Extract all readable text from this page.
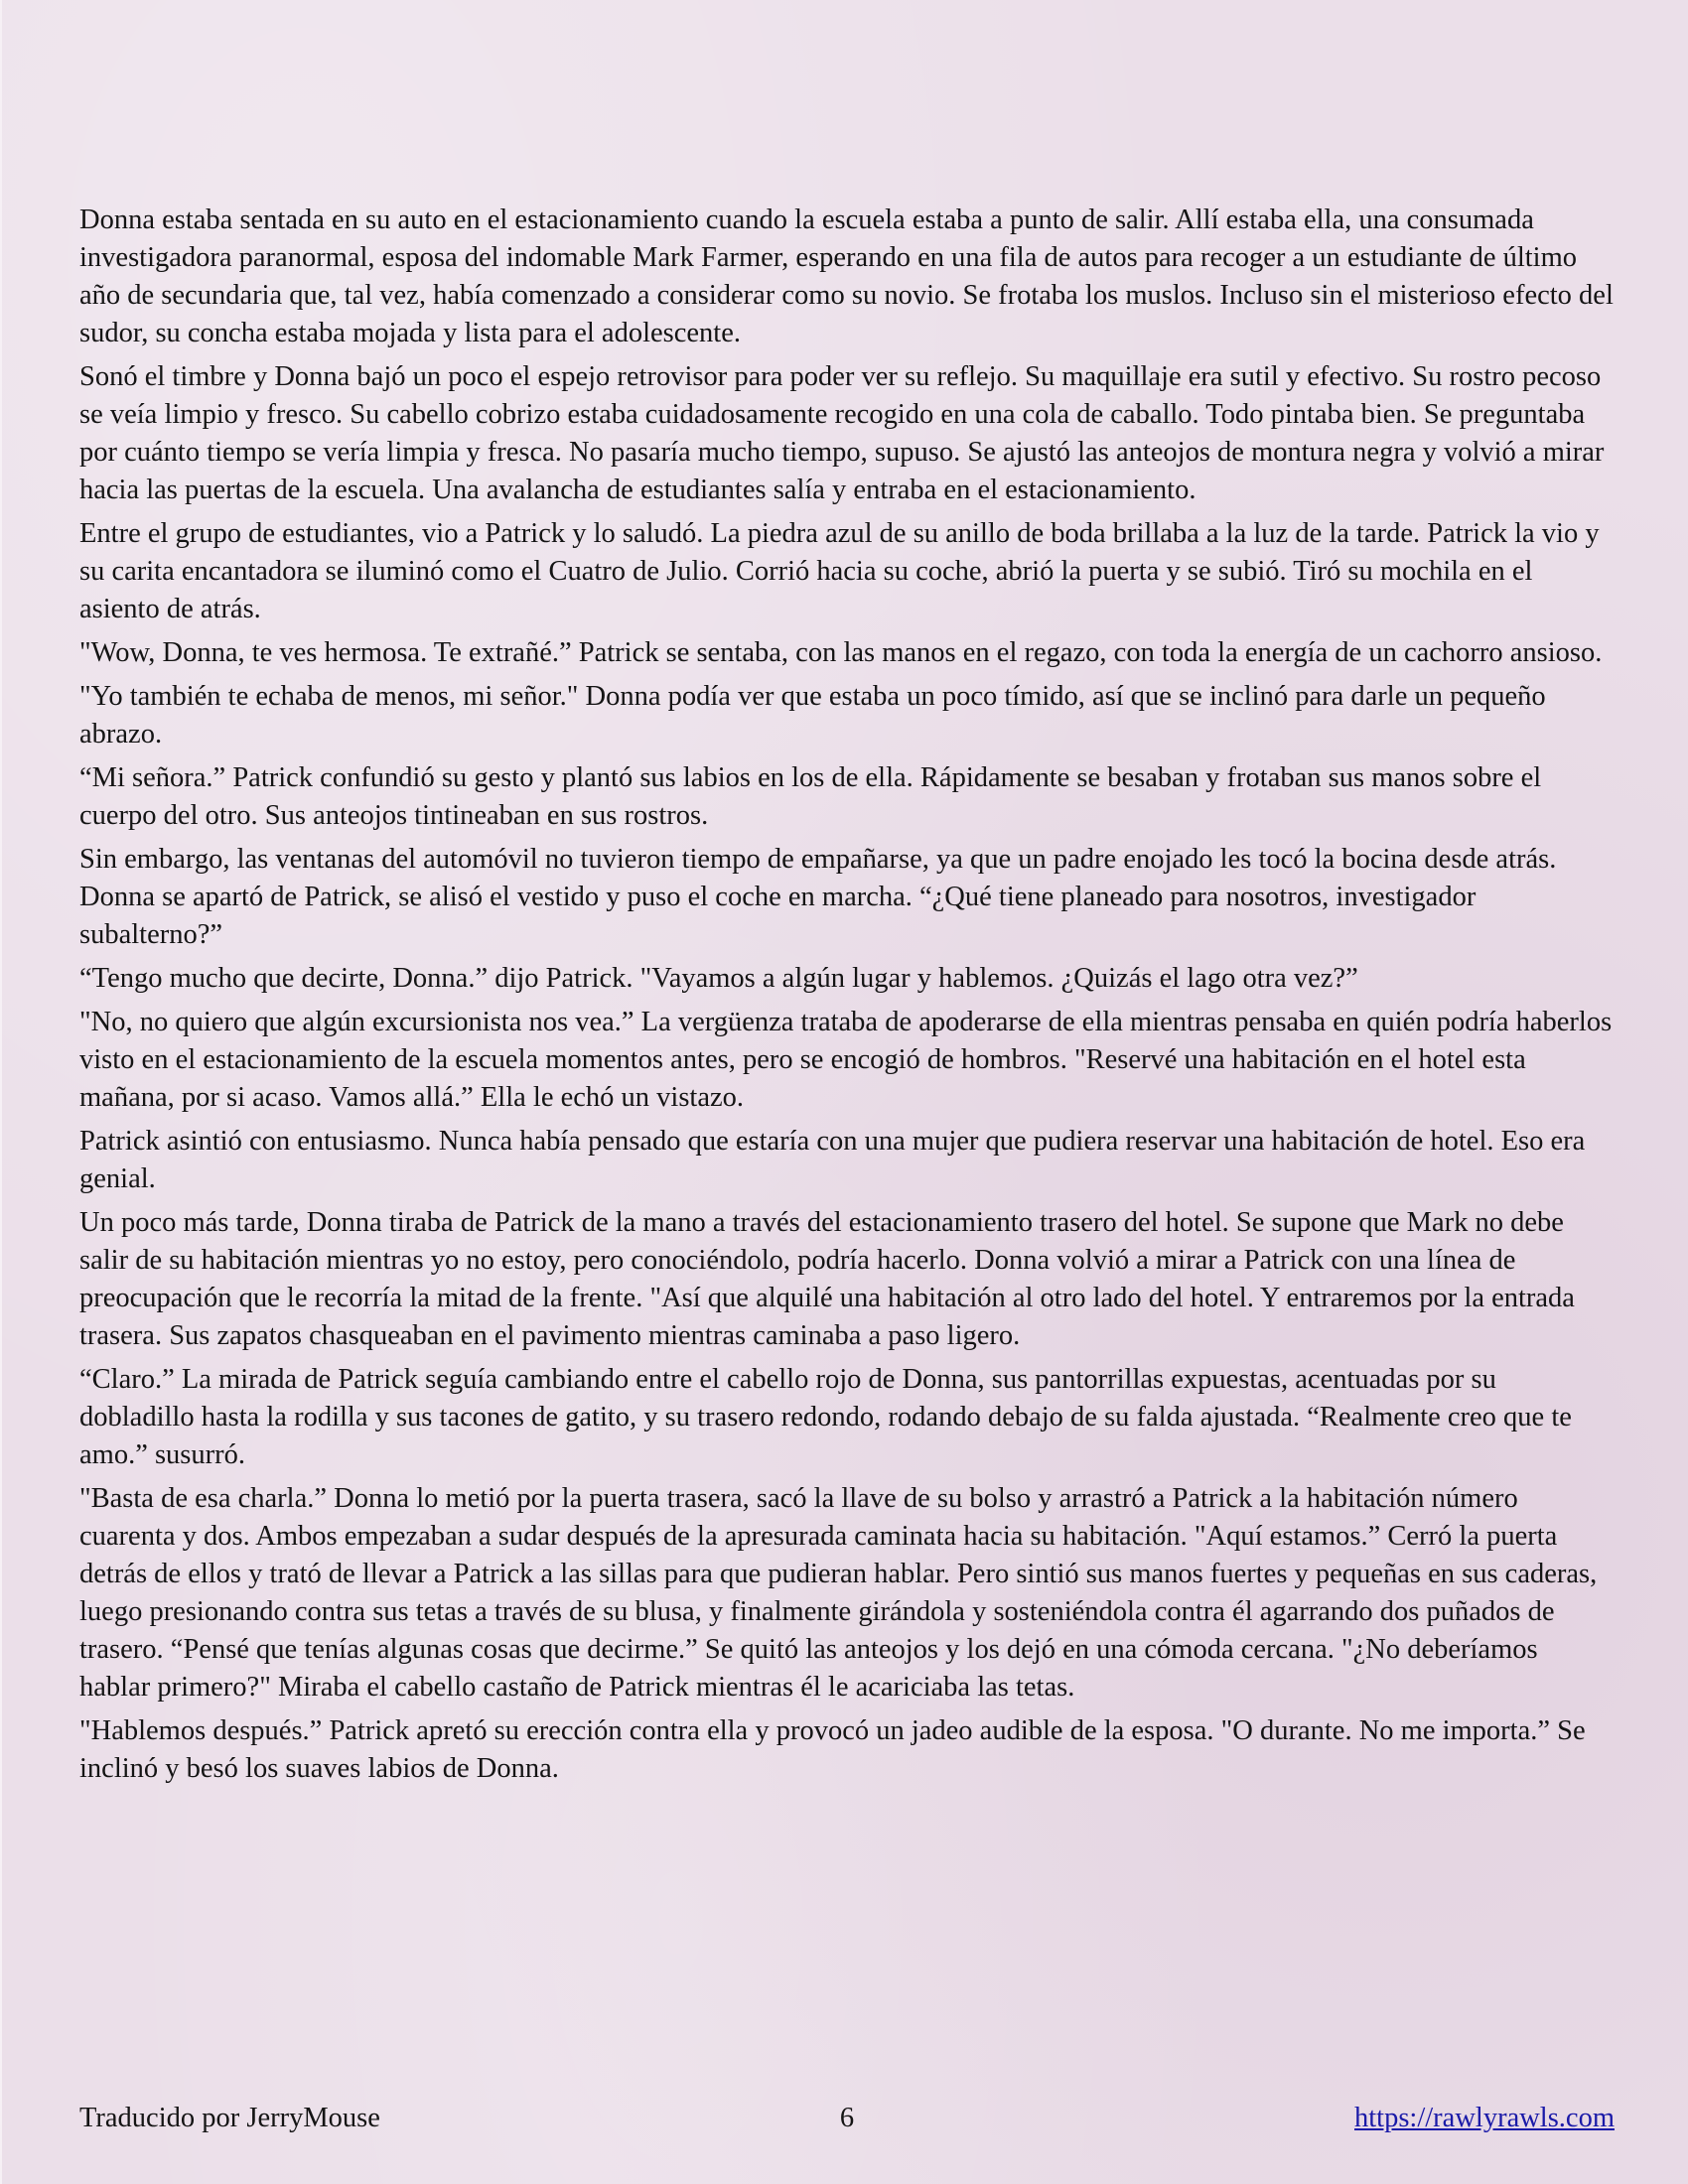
Donna estaba sentada en su auto en el estacionamiento cuando la escuela estaba a punto de salir. Allí estaba ella, una consumada investigadora paranormal, esposa del indomable Mark Farmer, esperando en una fila de autos para recoger a un estudiante de último año de secundaria que, tal vez, había comenzado a considerar como su novio. Se frotaba los muslos. Incluso sin el misterioso efecto del sudor, su concha estaba mojada y lista para el adolescente.

Sonó el timbre y Donna bajó un poco el espejo retrovisor para poder ver su reflejo. Su maquillaje era sutil y efectivo. Su rostro pecoso se veía limpio y fresco. Su cabello cobrizo estaba cuidadosamente recogido en una cola de caballo. Todo pintaba bien. Se preguntaba por cuánto tiempo se vería limpia y fresca. No pasaría mucho tiempo, supuso. Se ajustó las anteojos de montura negra y volvió a mirar hacia las puertas de la escuela. Una avalancha de estudiantes salía y entraba en el estacionamiento.

Entre el grupo de estudiantes, vio a Patrick y lo saludó. La piedra azul de su anillo de boda brillaba a la luz de la tarde. Patrick la vio y su carita encantadora se iluminó como el Cuatro de Julio. Corrió hacia su coche, abrió la puerta y se subió. Tiró su mochila en el asiento de atrás.

"Wow, Donna, te ves hermosa. Te extrañé.” Patrick se sentaba, con las manos en el regazo, con toda la energía de un cachorro ansioso.

"Yo también te echaba de menos, mi señor." Donna podía ver que estaba un poco tímido, así que se inclinó para darle un pequeño abrazo.

“Mi señora.” Patrick confundió su gesto y plantó sus labios en los de ella. Rápidamente se besaban y frotaban sus manos sobre el cuerpo del otro. Sus anteojos tintineaban en sus rostros.

Sin embargo, las ventanas del automóvil no tuvieron tiempo de empañarse, ya que un padre enojado les tocó la bocina desde atrás. Donna se apartó de Patrick, se alisó el vestido y puso el coche en marcha. “¿Qué tiene planeado para nosotros, investigador subalterno?”

“Tengo mucho que decirte, Donna.” dijo Patrick. "Vayamos a algún lugar y hablemos. ¿Quizás el lago otra vez?”

"No, no quiero que algún excursionista nos vea.” La vergüenza trataba de apoderarse de ella mientras pensaba en quién podría haberlos visto en el estacionamiento de la escuela momentos antes, pero se encogió de hombros. "Reservé una habitación en el hotel esta mañana, por si acaso. Vamos allá.” Ella le echó un vistazo.

Patrick asintió con entusiasmo. Nunca había pensado que estaría con una mujer que pudiera reservar una habitación de hotel. Eso era genial.

Un poco más tarde, Donna tiraba de Patrick de la mano a través del estacionamiento trasero del hotel. Se supone que Mark no debe salir de su habitación mientras yo no estoy, pero conociéndolo, podría hacerlo. Donna volvió a mirar a Patrick con una línea de preocupación que le recorría la mitad de la frente. "Así que alquilé una habitación al otro lado del hotel. Y entraremos por la entrada trasera. Sus zapatos chasqueaban en el pavimento mientras caminaba a paso ligero.

“Claro.” La mirada de Patrick seguía cambiando entre el cabello rojo de Donna, sus pantorrillas expuestas, acentuadas por su dobladillo hasta la rodilla y sus tacones de gatito, y su trasero redondo, rodando debajo de su falda ajustada. “Realmente creo que te amo.” susurró.

"Basta de esa charla.” Donna lo metió por la puerta trasera, sacó la llave de su bolso y arrastró a Patrick a la habitación número cuarenta y dos. Ambos empezaban a sudar después de la apresurada caminata hacia su habitación. "Aquí estamos.” Cerró la puerta detrás de ellos y trató de llevar a Patrick a las sillas para que pudieran hablar. Pero sintió sus manos fuertes y pequeñas en sus caderas, luego presionando contra sus tetas a través de su blusa, y finalmente girándola y sosteniéndola contra él agarrando dos puñados de trasero. “Pensé que tenías algunas cosas que decirme.” Se quitó las anteojos y los dejó en una cómoda cercana. "¿No deberíamos hablar primero?" Miraba el cabello castaño de Patrick mientras él le acariciaba las tetas.

"Hablemos después.” Patrick apretó su erección contra ella y provocó un jadeo audible de la esposa. "O durante. No me importa.” Se inclinó y besó los suaves labios de Donna.

Traducido por JerryMouse	6	https://rawlyrawls.com
